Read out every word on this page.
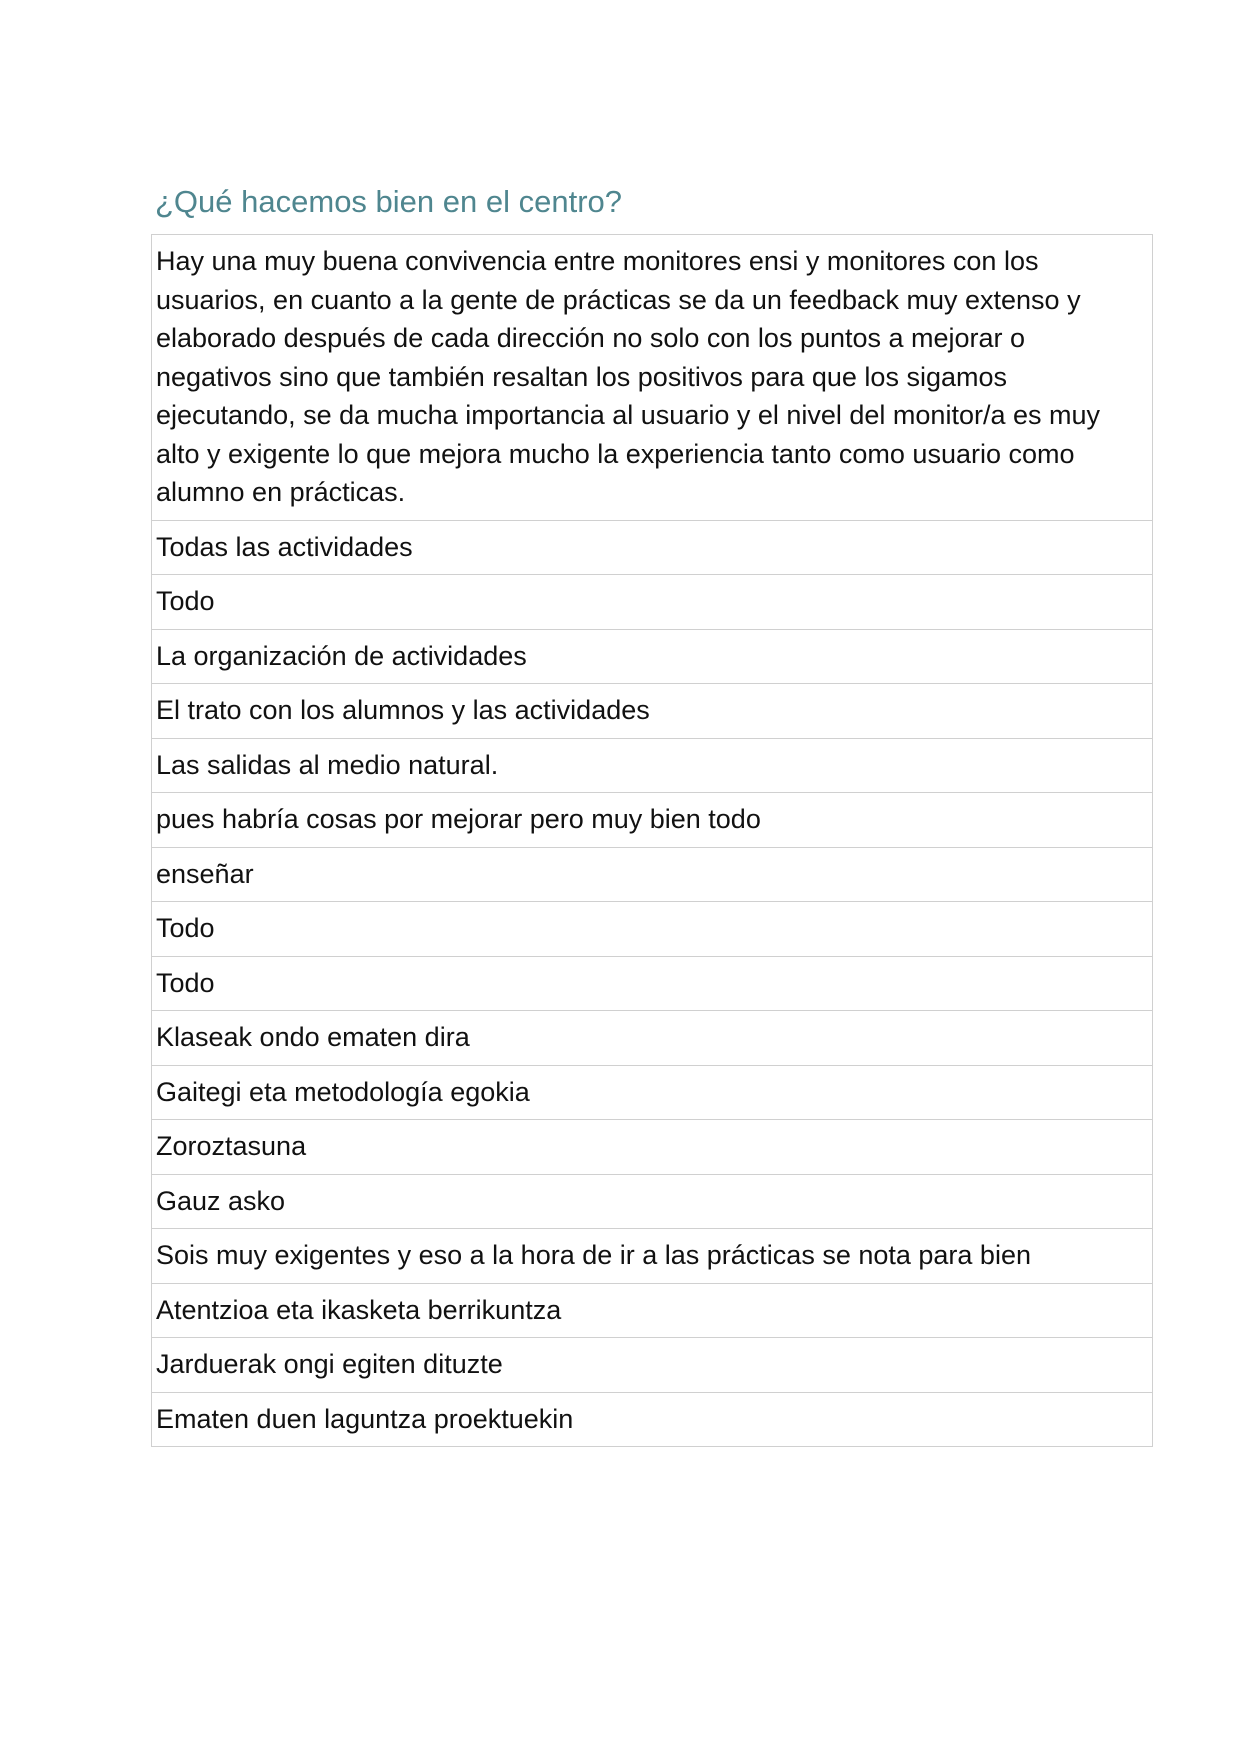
¿Qué hacemos bien en el centro?
Hay una muy buena convivencia entre monitores ensi y monitores con los usuarios, en cuanto a la gente de prácticas se da un feedback muy extenso y elaborado después de cada dirección no solo con los puntos a mejorar o negativos sino que también resaltan los positivos para que los sigamos ejecutando, se da mucha importancia al usuario y el nivel del monitor/a es muy alto y exigente lo que mejora mucho la experiencia tanto como usuario como alumno en prácticas.
Todas las actividades
Todo
La organización de actividades
El trato con los alumnos y las actividades
Las salidas al medio natural.
pues habría cosas por mejorar pero muy bien todo
enseñar
Todo
Todo
Klaseak ondo ematen dira
Gaitegi eta metodología egokia
Zoroztasuna
Gauz asko
Sois muy exigentes y eso a la hora de ir a las prácticas se nota para bien
Atentzioa eta ikasketa berrikuntza
Jarduerak ongi egiten dituzte
Ematen duen laguntza proektuekin
